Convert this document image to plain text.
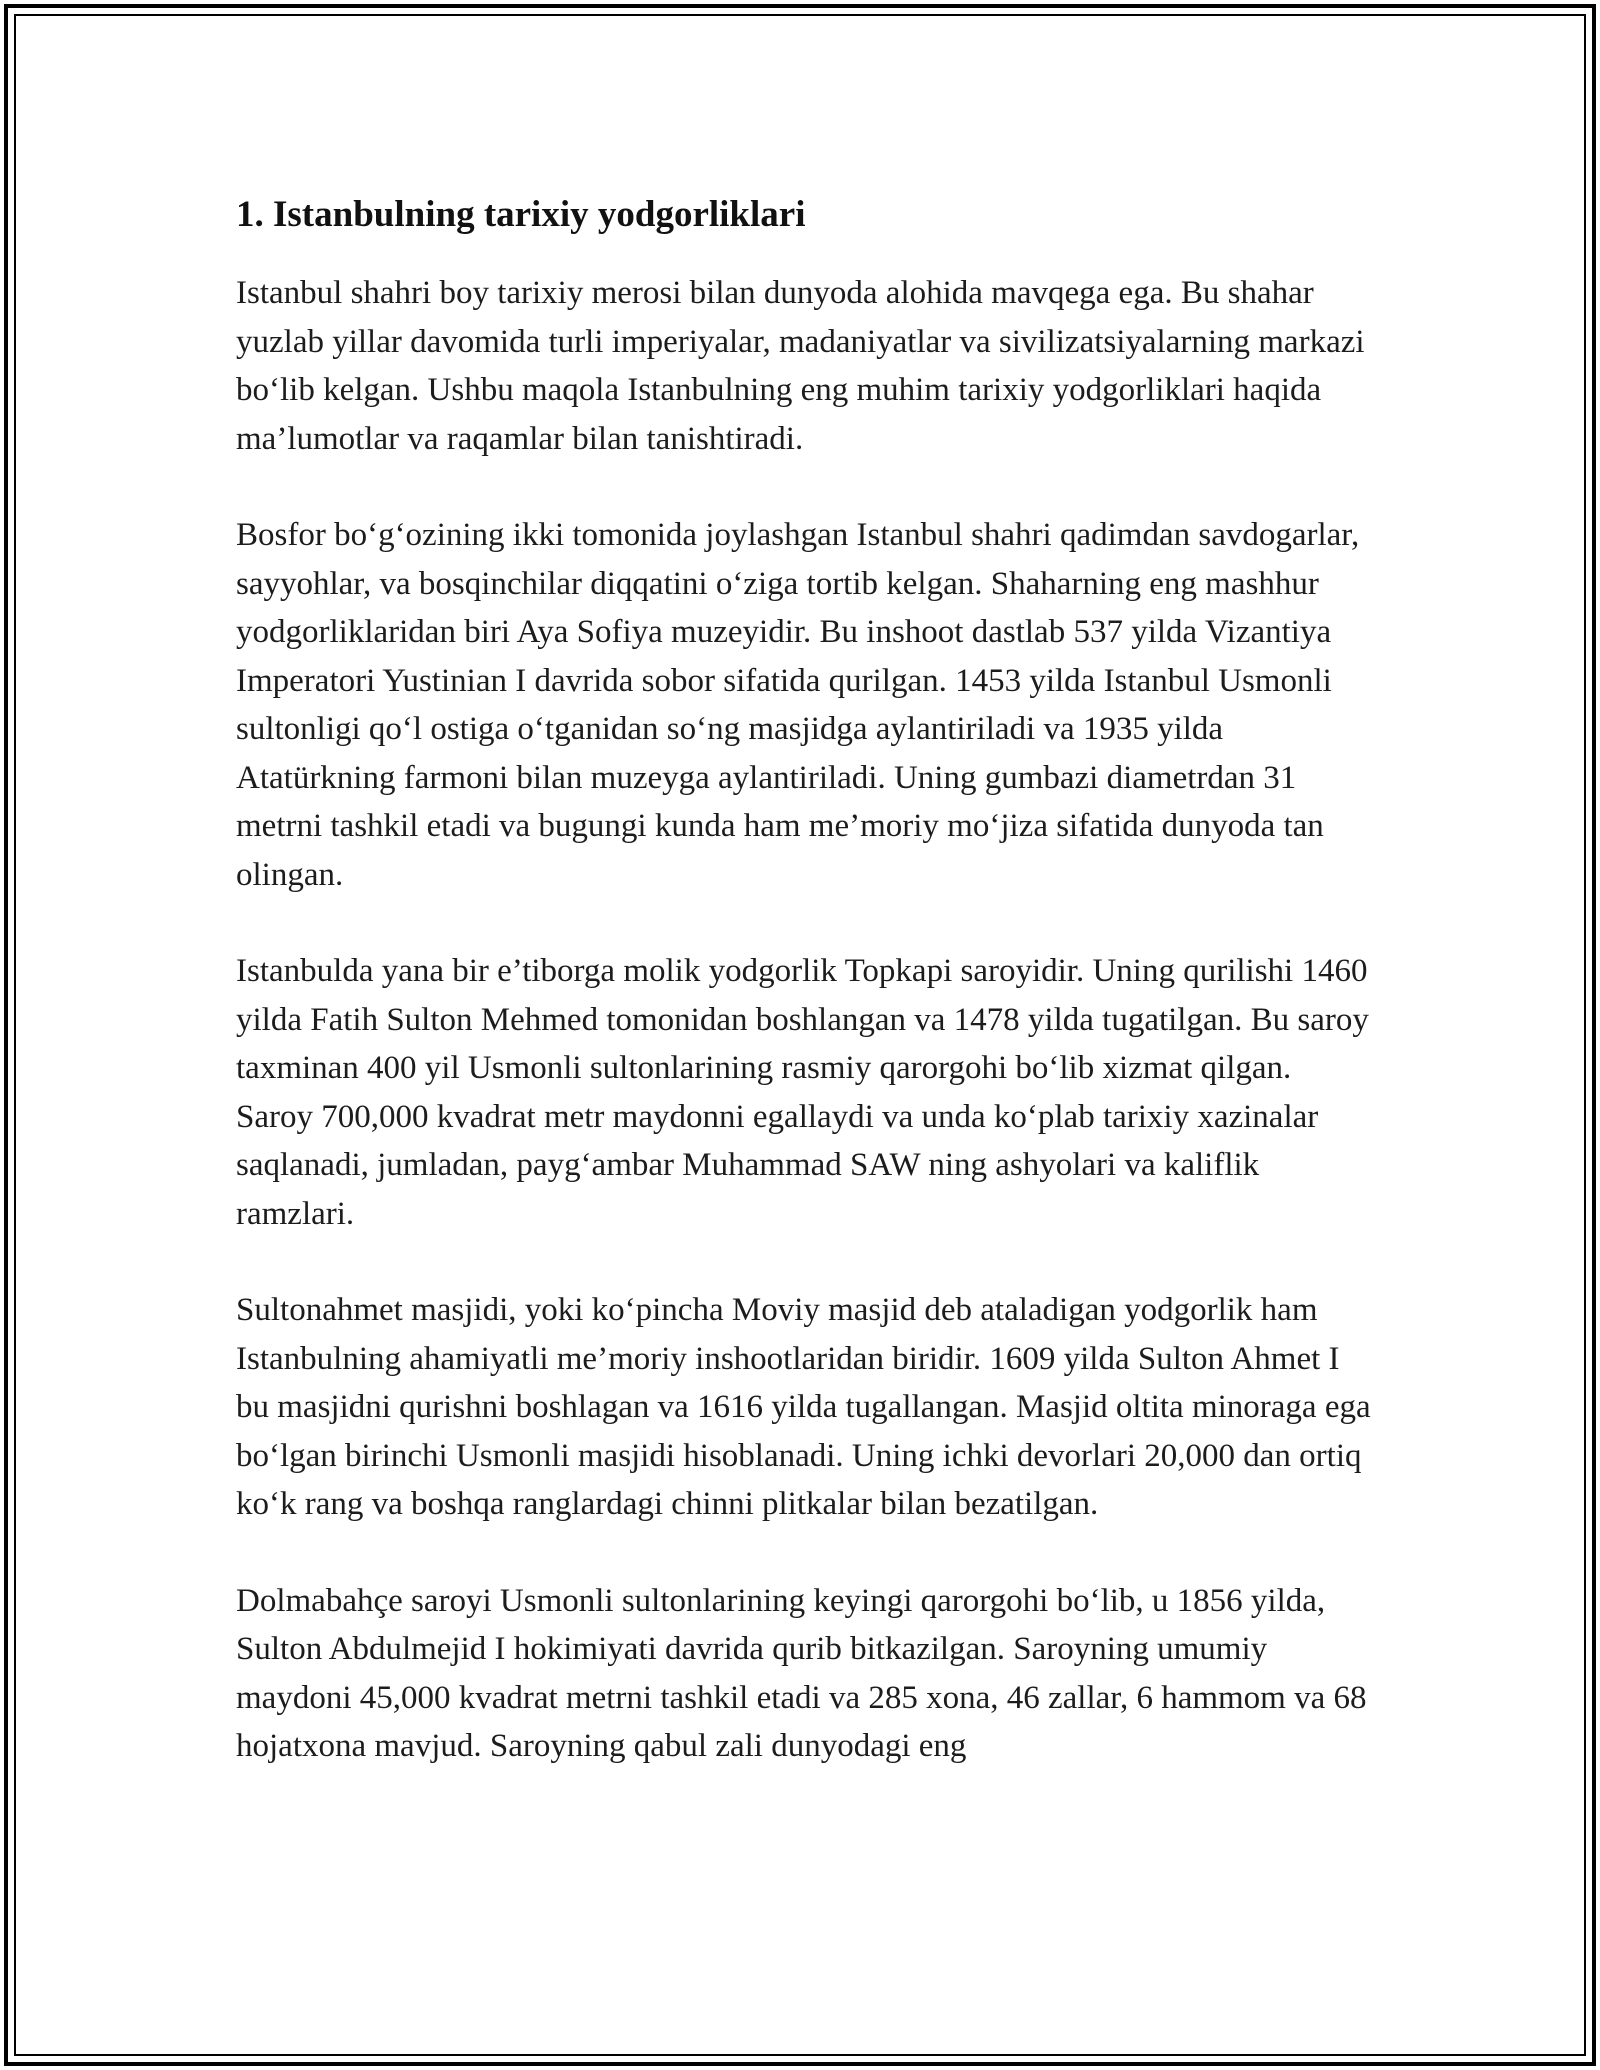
1. Istanbulning tarixiy yodgorliklari

Istanbul shahri boy tarixiy merosi bilan dunyoda alohida mavqega ega. Bu shahar yuzlab yillar davomida turli imperiyalar, madaniyatlar va sivilizatsiyalarning markazi bo‘lib kelgan. Ushbu maqola Istanbulning eng muhim tarixiy yodgorliklari haqida ma’lumotlar va raqamlar bilan tanishtiradi.

Bosfor bo‘g‘ozining ikki tomonida joylashgan Istanbul shahri qadimdan savdogarlar, sayyohlar, va bosqinchilar diqqatini o‘ziga tortib kelgan. Shaharning eng mashhur yodgorliklaridan biri Aya Sofiya muzeyidir. Bu inshoot dastlab 537 yilda Vizantiya Imperatori Yustinian I davrida sobor sifatida qurilgan. 1453 yilda Istanbul Usmonli sultonligi qo‘l ostiga o‘tganidan so‘ng masjidga aylantiriladi va 1935 yilda Atatürkning farmoni bilan muzeyga aylantiriladi. Uning gumbazi diametrdan 31 metrni tashkil etadi va bugungi kunda ham me’moriy mo‘jiza sifatida dunyoda tan olingan.

Istanbulda yana bir e’tiborga molik yodgorlik Topkapi saroyidir. Uning qurilishi 1460 yilda Fatih Sulton Mehmed tomonidan boshlangan va 1478 yilda tugatilgan. Bu saroy taxminan 400 yil Usmonli sultonlarining rasmiy qarorgohi bo‘lib xizmat qilgan. Saroy 700,000 kvadrat metr maydonni egallaydi va unda ko‘plab tarixiy xazinalar saqlanadi, jumladan, payg‘ambar Muhammad SAW ning ashyolari va kaliflik ramzlari.

Sultonahmet masjidi, yoki ko‘pincha Moviy masjid deb ataladigan yodgorlik ham Istanbulning ahamiyatli me’moriy inshootlaridan biridir. 1609 yilda Sulton Ahmet I bu masjidni qurishni boshlagan va 1616 yilda tugallangan. Masjid oltita minoraga ega bo‘lgan birinchi Usmonli masjidi hisoblanadi. Uning ichki devorlari 20,000 dan ortiq ko‘k rang va boshqa ranglardagi chinni plitkalar bilan bezatilgan.

Dolmabahçe saroyi Usmonli sultonlarining keyingi qarorgohi bo‘lib, u 1856 yilda, Sulton Abdulmejid I hokimiyati davrida qurib bitkazilgan. Saroyning umumiy maydoni 45,000 kvadrat metrni tashkil etadi va 285 xona, 46 zallar, 6 hammom va 68 hojatxona mavjud. Saroyning qabul zali dunyodagi eng
